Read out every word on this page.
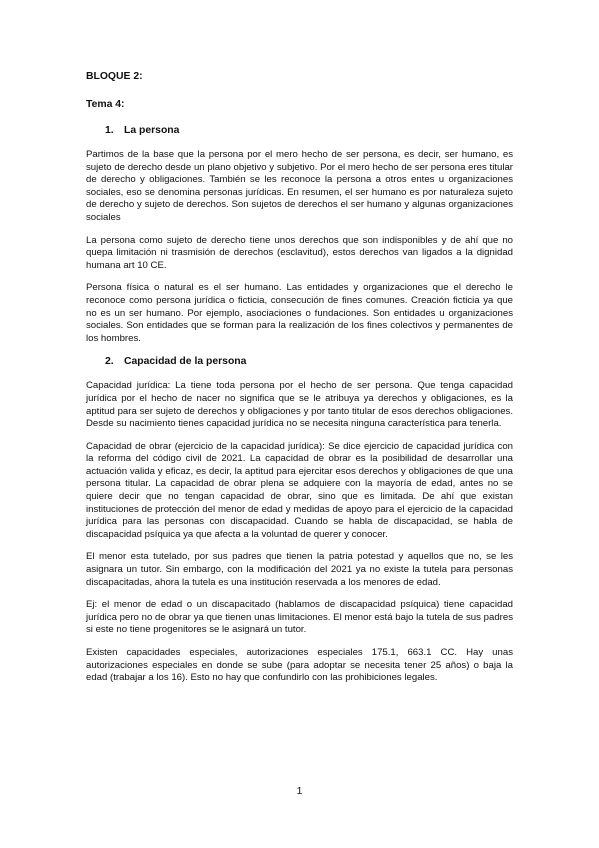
BLOQUE 2:
Tema 4:
1. La persona

Partimos de la base que la persona por el mero hecho de ser persona, es decir, ser humano, es sujeto de derecho desde un plano objetivo y subjetivo. Por el mero hecho de ser persona eres titular de derecho y obligaciones. También se les reconoce la persona a otros entes u organizaciones sociales, eso se denomina personas jurídicas. En resumen, el ser humano es por naturaleza sujeto de derecho y sujeto de derechos. Son sujetos de derechos el ser humano y algunas organizaciones sociales

La persona como sujeto de derecho tiene unos derechos que son indisponibles y de ahí que no quepa limitación ni trasmisión de derechos (esclavitud), estos derechos van ligados a la dignidad humana art 10 CE.

Persona física o natural es el ser humano. Las entidades y organizaciones que el derecho le reconoce como persona jurídica o ficticia, consecución de fines comunes. Creación ficticia ya que no es un ser humano. Por ejemplo, asociaciones o fundaciones. Son entidades u organizaciones sociales. Son entidades que se forman para la realización de los fines colectivos y permanentes de los hombres.

2. Capacidad de la persona

Capacidad jurídica: La tiene toda persona por el hecho de ser persona. Que tenga capacidad jurídica por el hecho de nacer no significa que se le atribuya ya derechos y obligaciones, es la aptitud para ser sujeto de derechos y obligaciones y por tanto titular de esos derechos obligaciones. Desde su nacimiento tienes capacidad jurídica no se necesita ninguna característica para tenerla.

Capacidad de obrar (ejercicio de la capacidad jurídica): Se dice ejercicio de capacidad jurídica con la reforma del código civil de 2021. La capacidad de obrar es la posibilidad de desarrollar una actuación valida y eficaz, es decir, la aptitud para ejercitar esos derechos y obligaciones de que una persona titular. La capacidad de obrar plena se adquiere con la mayoría de edad, antes no se quiere decir que no tengan capacidad de obrar, sino que es limitada. De ahí que existan instituciones de protección del menor de edad y medidas de apoyo para el ejercicio de la capacidad jurídica para las personas con discapacidad. Cuando se habla de discapacidad, se habla de discapacidad psíquica ya que afecta a la voluntad de querer y conocer.

El menor esta tutelado, por sus padres que tienen la patria potestad y aquellos que no, se les asignara un tutor. Sin embargo, con la modificación del 2021 ya no existe la tutela para personas discapacitadas, ahora la tutela es una institución reservada a los menores de edad.

Ej: el menor de edad o un discapacitado (hablamos de discapacidad psíquica) tiene capacidad jurídica pero no de obrar ya que tienen unas limitaciones. El menor está bajo la tutela de sus padres si este no tiene progenitores se le asignará un tutor.

Existen capacidades especiales, autorizaciones especiales 175.1, 663.1 CC. Hay unas autorizaciones especiales en donde se sube (para adoptar se necesita tener 25 años) o baja la edad (trabajar a los 16). Esto no hay que confundirlo con las prohibiciones legales.

1
